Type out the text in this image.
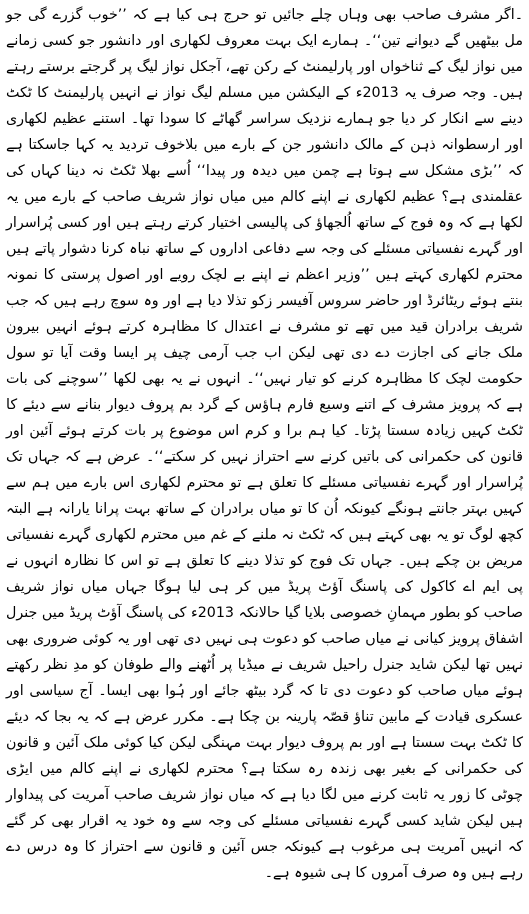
۔اگر مشرف صاحب بھی وہاں چلے جائیں تو حرج ہی کیا ہے کہ ’’خوب گزرے گی جو مل بیٹھیں گے دیوانے تین‘‘۔ ہمارے ایک بہت معروف لکھاری اور دانشور جو کسی زمانے میں نواز لیگ کے ثناخواں اور پارلیمنٹ کے رکن تھے، آجکل نواز لیگ پر گرجتے برستے رہتے ہیں۔ وجہ صرف یہ 2013ء کے الیکشن میں مسلم لیگ نواز نے انہیں پارلیمنٹ کا ٹکٹ دینے سے انکار کر دیا جو ہمارے نزدیک سراسر گھاٹے کا سودا تھا۔ استنے عظیم لکھاری اور ارسطوانہ ذہن کے مالک دانشور جن کے بارے میں بلاخوف تردید یہ کہا جاسکتا ہے کہ ’’بڑی مشکل سے ہوتا ہے چمن میں دیدہ ور پیدا‘‘ اُسے بھلا ٹکٹ نہ دینا کہاں کی عقلمندی ہے؟ عظیم لکھاری نے اپنے کالم میں میاں نواز شریف صاحب کے بارے میں یہ لکھا ہے کہ وہ فوج کے ساتھ اُلجھاؤ کی پالیسی اختیار کرتے رہتے ہیں اور کسی پُراسرار اور گہرے نفسیاتی مسئلے کی وجہ سے دفاعی اداروں کے ساتھ نباہ کرنا دشوار پاتے ہیں محترم لکھاری کہتے ہیں ’’وزیر اعظم نے اپنے بے لچک رویے اور اصول پرستی کا نمونہ بنتے ہوئے ریٹائرڈ اور حاضر سروس آفیسر زکو تذلا دیا ہے اور وہ سوچ رہے ہیں کہ جب شریف برادران قید میں تھے تو مشرف نے اعتدال کا مظاہرہ کرتے ہوئے انہیں بیرون ملک جانے کی اجازت دے دی تھی لیکن اب جب آرمی چیف پر ایسا وقت آیا تو سول حکومت لچک کا مظاہرہ کرنے کو تیار نہیں‘‘۔ انہوں نے یہ بھی لکھا ’’سوچنے کی بات ہے کہ پرویز مشرف کے اتنے وسیع فارم ہاؤس کے گرد بم پروف دیوار بنانے سے دیئے کا ٹکٹ کہیں زیادہ سستا پڑتا۔ کیا ہم برا و کرم اس موضوع پر بات کرتے ہوئے آئین اور قانون کی حکمرانی کی باتیں کرنے سے احتراز نہیں کر سکتے‘‘۔ عرض ہے کہ جہاں تک پُراسرار اور گہرے نفسیاتی مسئلے کا تعلق ہے تو محترم لکھاری اس بارے میں ہم سے کہیں بہتر جانتے ہونگے کیونکہ اُن کا تو میاں برادران کے ساتھ بہت پرانا یارانہ ہے البتہ کچھ لوگ تو یہ بھی کہتے ہیں کہ ٹکٹ نہ ملنے کے غم میں محترم لکھاری گہرے نفسیاتی مریض بن چکے ہیں۔ جہاں تک فوج کو تذلا دینے کا تعلق ہے تو اس کا نظارہ انہوں نے پی ایم اے کاکول کی پاسنگ آؤٹ پریڈ میں کر ہی لیا ہوگا جہاں میاں نواز شریف صاحب کو بطور مہمانِ خصوصی بلایا گیا حالانکہ 2013ء کی پاسنگ آؤٹ پریڈ میں جنرل اشفاق پرویز کیانی نے میاں صاحب کو دعوت ہی نہیں دی تھی اور یہ کوئی ضروری بھی نہیں تھا لیکن شاید جنرل راحیل شریف نے میڈیا پر اُٹھنے والے طوفان کو مدِ نظر رکھتے ہوئے میاں صاحب کو دعوت دی تا کہ گرد بیٹھ جائے اور ہُوا بھی ایسا۔ آج سیاسی اور عسکری قیادت کے مابین تناؤ قصّہ پارینہ بن چکا ہے۔ مکرر عرض ہے کہ یہ بجا کہ دیئے کا ٹکٹ بہت سستا ہے اور بم پروف دیوار بہت مہنگی لیکن کیا کوئی ملک آئین و قانون کی حکمرانی کے بغیر بھی زندہ رہ سکتا ہے؟ محترم لکھاری نے اپنے کالم میں ایڑی چوٹی کا زور یہ ثابت کرنے میں لگا دیا ہے کہ میاں نواز شریف صاحب آمریت کی پیداوار ہیں لیکن شاید کسی گہرے نفسیاتی مسئلے کی وجہ سے وہ خود یہ اقرار بھی کر گئے کہ انہیں آمریت ہی مرغوب ہے کیونکہ جس آئین و قانون سے احتراز کا وہ درس دے رہے ہیں وہ صرف آمروں کا ہی شیوہ ہے۔
